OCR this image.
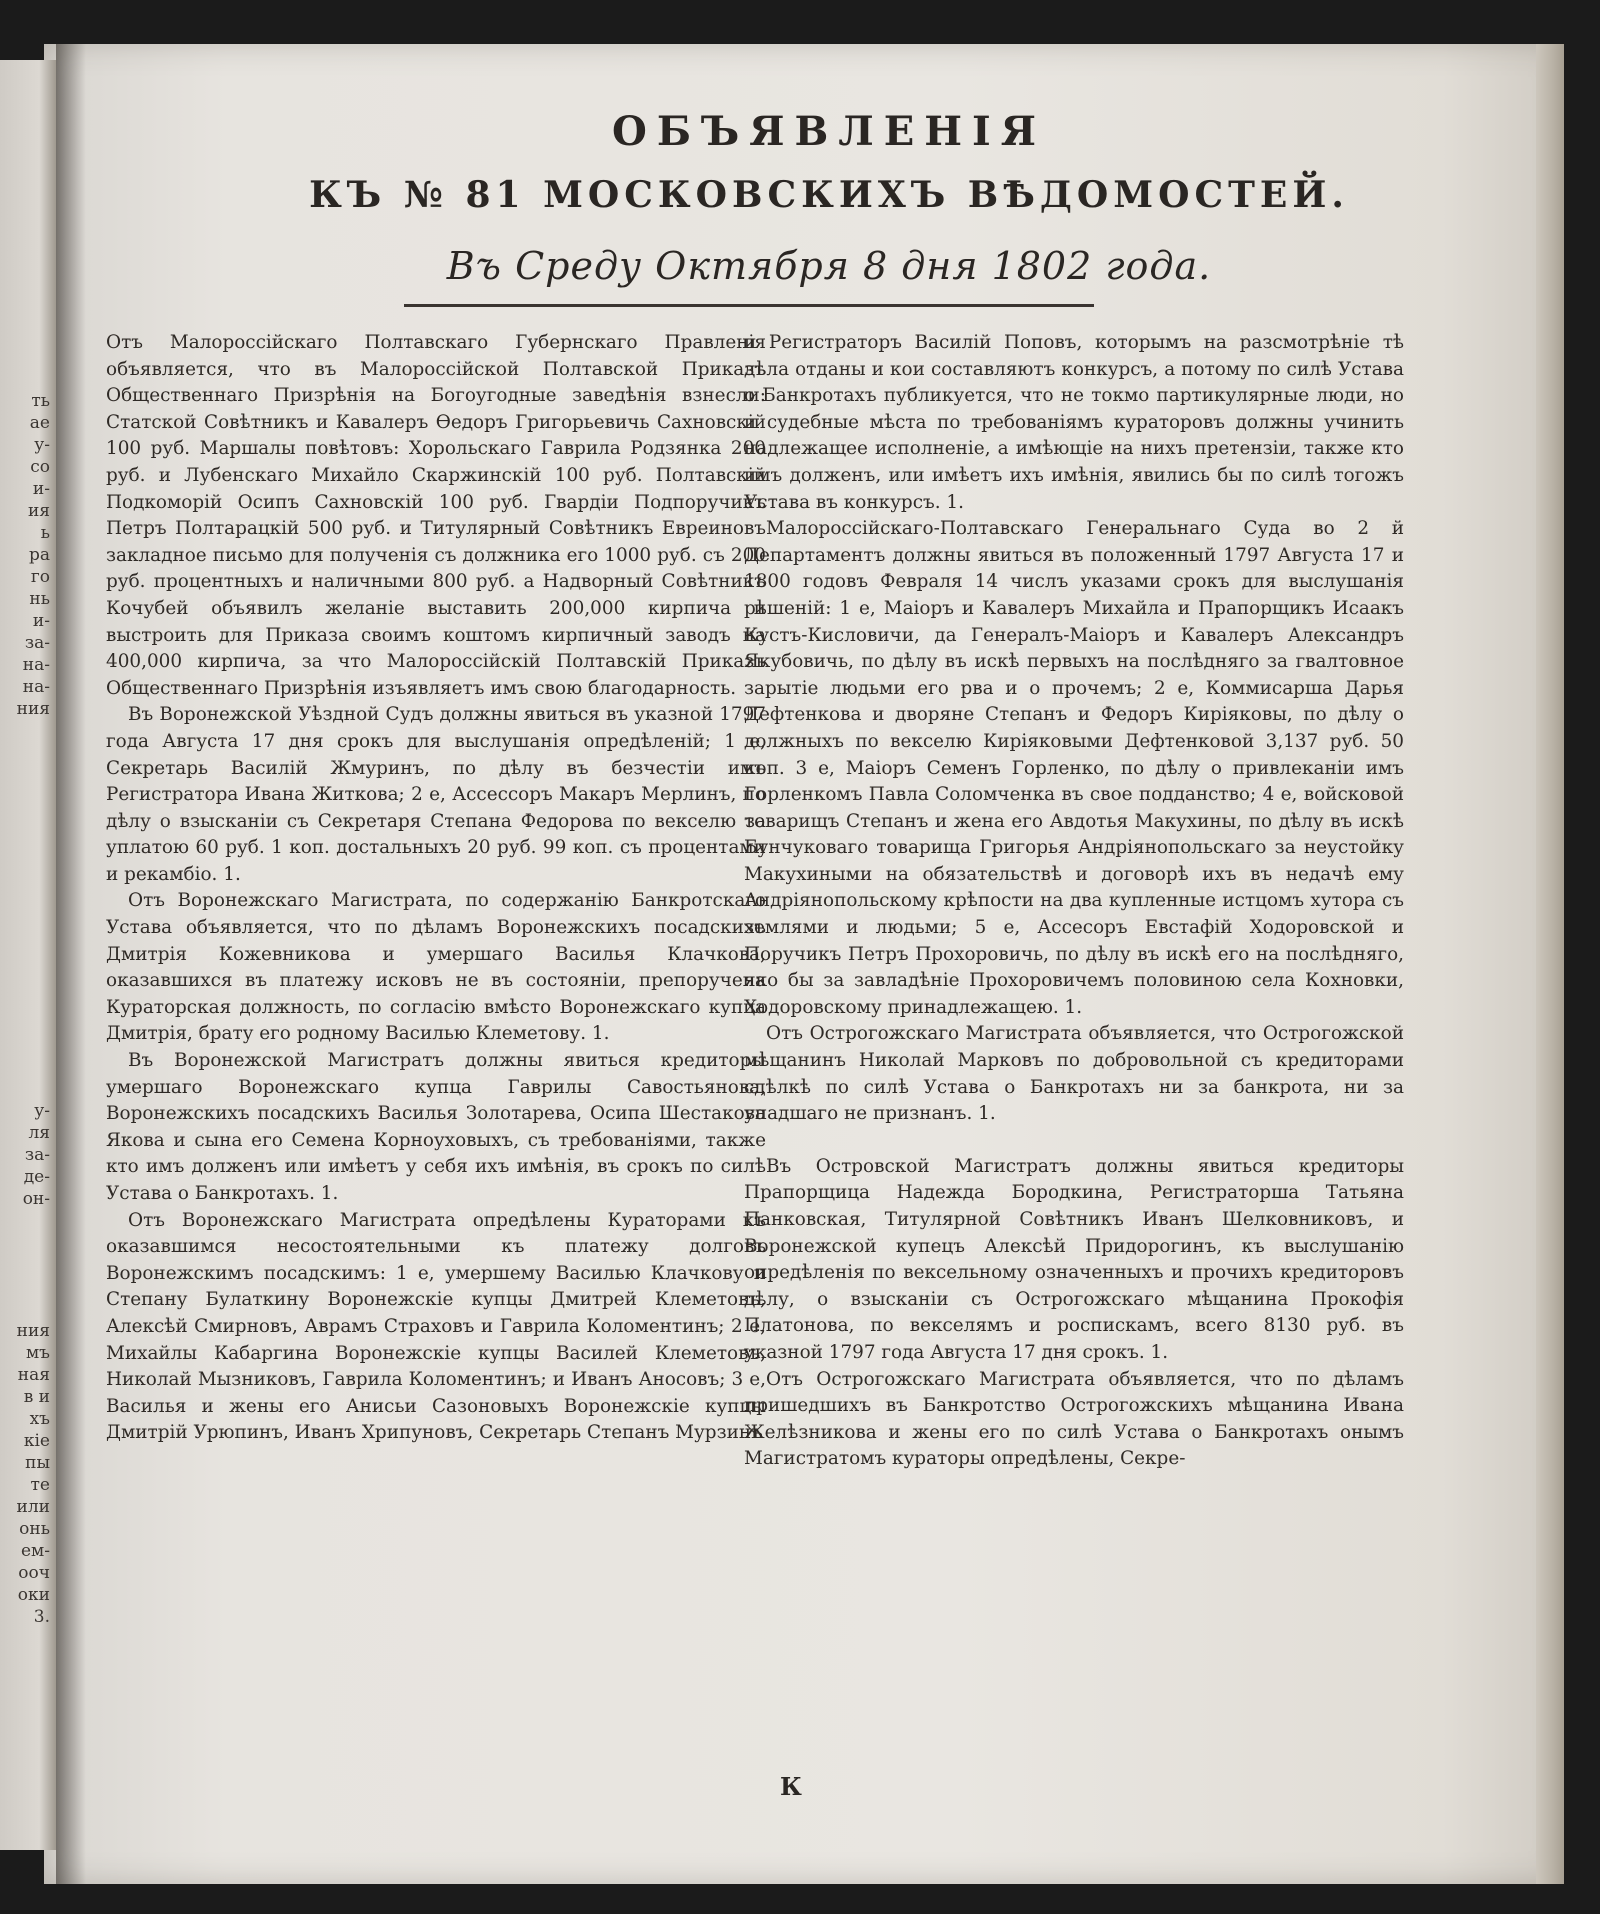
ОБЪЯВЛЕНІЯ
КЪ № 81 МОСКОВСКИХЪ ВѢДОМОСТЕЙ.
Въ Среду Октября 8 дня 1802 года.

Отъ Малороссійскаго Полтавскаго Губернскаго Правленія объявляется, что въ Малороссійской Полтавской Приказъ Общественнаго Призрѣнія на Богоугодные заведѣнія взнесли: Статской Совѣтникъ и Кавалеръ Ѳедоръ Григорьевичь Сахновскій 100 руб. Маршалы повѣтовъ: Хорольскаго Гаврила Родзянка 200 руб. и Лубенскаго Михайло Скаржинскій 100 руб. Полтавскій Подкоморій Осипъ Сахновскій 100 руб. Гвардіи Подпоручикъ Петръ Полтарацкій 500 руб. и Титулярный Совѣтникъ Евреиновъ закладное письмо для полученія съ должника его 1000 руб. съ 200 руб. процентныхъ и наличными 800 руб. а Надворный Совѣтникъ Кочубей объявилъ желаніе выставить 200,000 кирпича и выстроить для Приказа своимъ коштомъ кирпичный заводъ на 400,000 кирпича, за что Малороссійскій Полтавскій Приказъ Общественнаго Призрѣнія изъявляетъ имъ свою благодарность.

Въ Воронежской Уѣздной Судъ должны явиться въ указной 1797 года Августа 17 дня срокъ для выслушанія опредѣленій; 1 е, Секретарь Василій Жмуринъ, по дѣлу въ безчестіи имъ Регистратора Ивана Житкова; 2 е, Ассессоръ Макаръ Мерлинъ, по дѣлу о взысканіи съ Секретаря Степана Федорова по векселю за уплатою 60 руб. 1 коп. достальныхъ 20 руб. 99 коп. съ процентами и рекамбіо. 1.

Отъ Воронежскаго Магистрата, по содержанію Банкротскаго Устава объявляется, что по дѣламъ Воронежскихъ посадскихъ Дмитрія Кожевникова и умершаго Василья Клачкова, оказавшихся въ платежу исковъ не въ состояніи, препоручена Кураторская должность, по согласію вмѣсто Воронежскаго купца Дмитрія, брату его родному Василью Клеметову. 1.

Въ Воронежской Магистратъ должны явиться кредиторы умершаго Воронежскаго купца Гаврилы Савостьянова, Воронежскихъ посадскихъ Василья Золотарева, Осипа Шестакова Якова и сына его Семена Корноуховыхъ, съ требованіями, также кто имъ долженъ или имѣетъ у себя ихъ имѣнія, въ срокъ по силѣ Устава о Банкротахъ. 1.

Отъ Воронежскаго Магистрата опредѣлены Кураторами къ оказавшимся несостоятельными къ платежу долговъ Воронежскимъ посадскимъ: 1 е, умершему Василью Клачкову и Степану Булаткину Воронежскіе купцы Дмитрей Клеметовъ, Алексѣй Смирновъ, Аврамъ Страховъ и Гаврила Коломентинъ; 2 е, Михайлы Кабаргина Воронежскіе купцы Василей Клеметовъ, Николай Мызниковъ, Гаврила Коломентинъ; и Иванъ Аносовъ; 3 е, Василья и жены его Анисьи Сазоновыхъ Воронежскіе купцы Дмитрій Урюпинъ, Иванъ Хрипуновъ, Секретарь Степанъ Мурзинъ

и Регистраторъ Василій Поповъ, которымъ на разсмотрѣніе тѣ дѣла отданы и кои составляютъ конкурсъ, а потому по силѣ Устава о Банкротахъ публикуется, что не токмо партикулярные люди, но и судебные мѣста по требованіямъ кураторовъ должны учинить надлежащее исполненіе, а имѣющіе на нихъ претензіи, также кто имъ долженъ, или имѣетъ ихъ имѣнія, явились бы по силѣ тогожъ Устава въ конкурсъ. 1.

Малороссійскаго-Полтавскаго Генеральнаго Суда во 2 й Департаментъ должны явиться въ положенный 1797 Августа 17 и 1800 годовъ Февраля 14 числъ указами срокъ для выслушанія рѣшеній: 1 е, Маіоръ и Кавалеръ Михайла и Прапорщикъ Исаакъ Кустъ-Кисловичи, да Генералъ-Маіоръ и Кавалеръ Александръ Якубовичь, по дѣлу въ искѣ первыхъ на послѣдняго за гвалтовное зарытіе людьми его рва и о прочемъ; 2 е, Коммисарша Дарья Дефтенкова и дворяне Степанъ и Федоръ Киріяковы, по дѣлу о должныхъ по векселю Киріяковыми Дефтенковой 3,137 руб. 50 коп. 3 е, Маіоръ Семенъ Горленко, по дѣлу о привлеканіи имъ Горленкомъ Павла Соломченка въ свое подданство; 4 е, войсковой товарищъ Степанъ и жена его Авдотья Макухины, по дѣлу въ искѣ Бунчуковаго товарища Григорья Андріянопольскаго за неустойку Макухиными на обязательствѣ и договорѣ ихъ въ недачѣ ему Андріянопольскому крѣпости на два купленные истцомъ хутора съ землями и людьми; 5 е, Ассесоръ Евстафій Ходоровской и Поручикъ Петръ Прохоровичь, по дѣлу въ искѣ его на послѣдняго, яко бы за завладѣніе Прохоровичемъ половиною села Кохновки, Ходоровскому принадлежащею. 1.

Отъ Острогожскаго Магистрата объявляется, что Острогожской мѣщанинъ Николай Марковъ по добровольной съ кредиторами сдѣлкѣ по силѣ Устава о Банкротахъ ни за банкрота, ни за упадшаго не признанъ. 1.

Въ Островской Магистратъ должны явиться кредиторы Прапорщица Надежда Бородкина, Регистраторша Татьяна Панковская, Титулярной Совѣтникъ Иванъ Шелковниковъ, и Воронежской купецъ Алексѣй Придорогинъ, къ выслушанію опредѣленія по вексельному означенныхъ и прочихъ кредиторовъ дѣлу, о взысканіи съ Острогожскаго мѣщанина Прокофія Платонова, по векселямъ и роспискамъ, всего 8130 руб. въ указной 1797 года Августа 17 дня срокъ. 1.

Отъ Острогожскаго Магистрата объявляется, что по дѣламъ пришедшихъ въ Банкротство Острогожскихъ мѣщанина Ивана Желѣзникова и жены его по силѣ Устава о Банкротахъ онымъ Магистратомъ кураторы опредѣлены, Секре-

К
ть
ае
у-
со
и-
ия
ь
ра
го
нь
и-
за-
на-
на-
ния
у-
ля
за-
де-
он-
ния
мъ
ная
в и
хъ
кіе
пы
те
или
онь
ем-
ооч
оки
3.
